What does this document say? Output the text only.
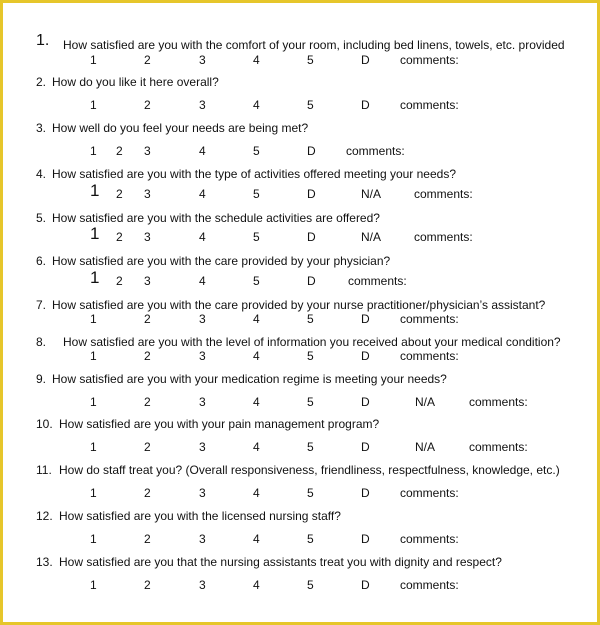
1. How satisfied are you with the comfort of your room, including bed linens, towels, etc. provided
1	2	3	4	5	D	comments:
2. How do you like it here overall?
1	2	3	4	5	D	comments:
3. How well do you feel your needs are being met?
1 2 3	4	5	D	comments:
4. How satisfied are you with the type of activities offered meeting your needs?
1 2 3	4	5	D	N/A	comments:
5. How satisfied are you with the schedule activities are offered?
1 2 3	4	5	D	N/A	comments:
6. How satisfied are you with the care provided by your physician?
1 2 3	4	5	D	comments:
7. How satisfied are you with the care provided by your nurse practitioner/physician’s assistant?
1	2	3	4	5	D	comments:
8. How satisfied are you with the level of information you received about your medical condition?
1	2	3	4	5	D	comments:
9. How satisfied are you with your medication regime is meeting your needs?
1	2	3	4	5	D	N/A	comments:
10. How satisfied are you with your pain management program?
1	2	3	4	5	D	N/A	comments:
11. How do staff treat you? (Overall responsiveness, friendliness, respectfulness, knowledge, etc.)
1	2	3	4	5	D	comments:
12. How satisfied are you with the licensed nursing staff?
1	2	3	4	5	D	comments:
13. How satisfied are you that the nursing assistants treat you with dignity and respect?
1	2	3	4	5	D	comments:
